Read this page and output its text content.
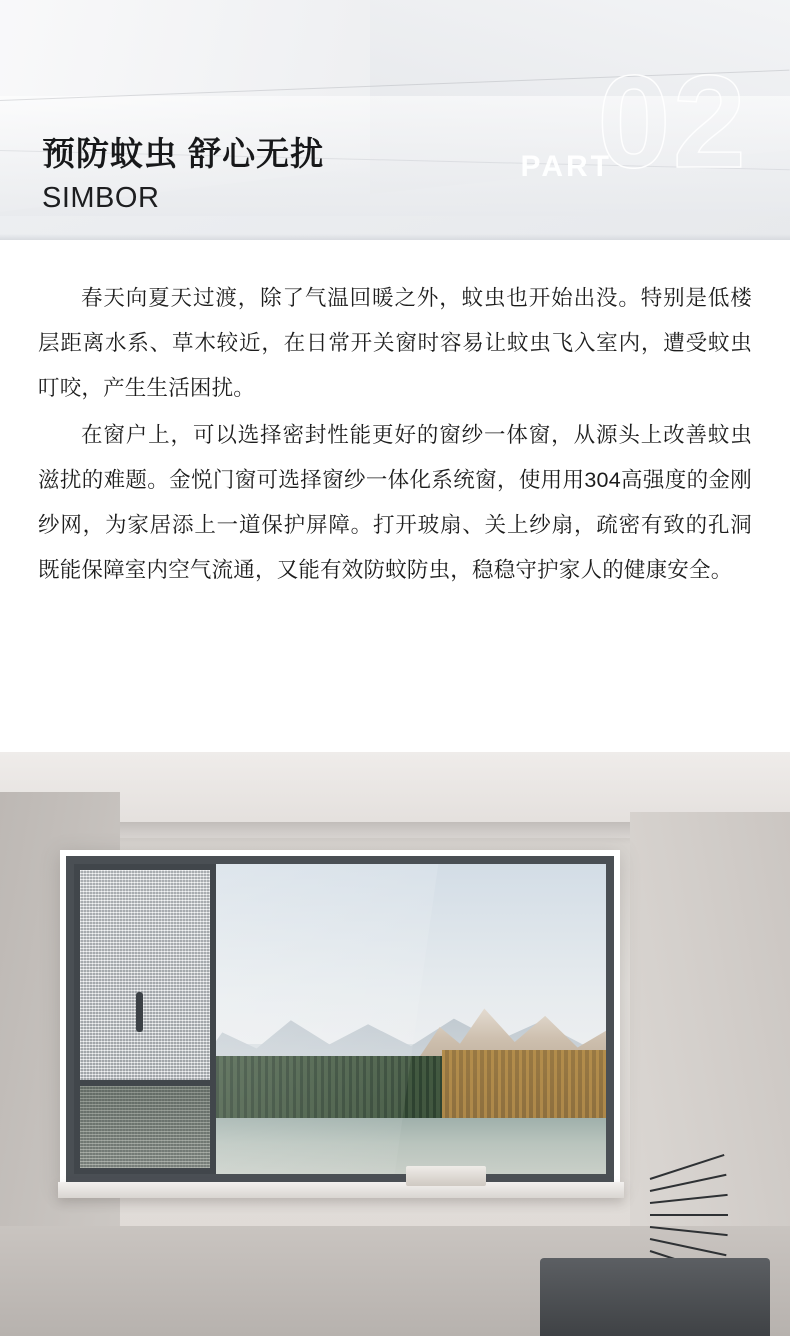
02
PART
预防蚊虫 舒心无扰
SIMBOR

春天向夏天过渡，除了气温回暖之外，蚊虫也开始出没。特别是低楼层距离水系、草木较近，在日常开关窗时容易让蚊虫飞入室内，遭受蚊虫叮咬，产生生活困扰。

在窗户上，可以选择密封性能更好的窗纱一体窗，从源头上改善蚊虫滋扰的难题。金悦门窗可选择窗纱一体化系统窗，使用用304高强度的金刚纱网，为家居添上一道保护屏障。打开玻扇、关上纱扇，疏密有致的孔洞既能保障室内空气流通，又能有效防蚊防虫，稳稳守护家人的健康安全。
